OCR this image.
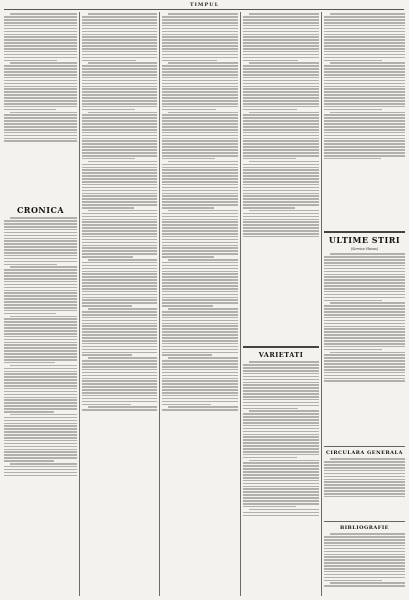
TIMPUL
CRONICA
VARIETATI
ULTIME STIRI
(Service Havas)
CIRCULARA GENERALA
BIBLIOGRAFIE
